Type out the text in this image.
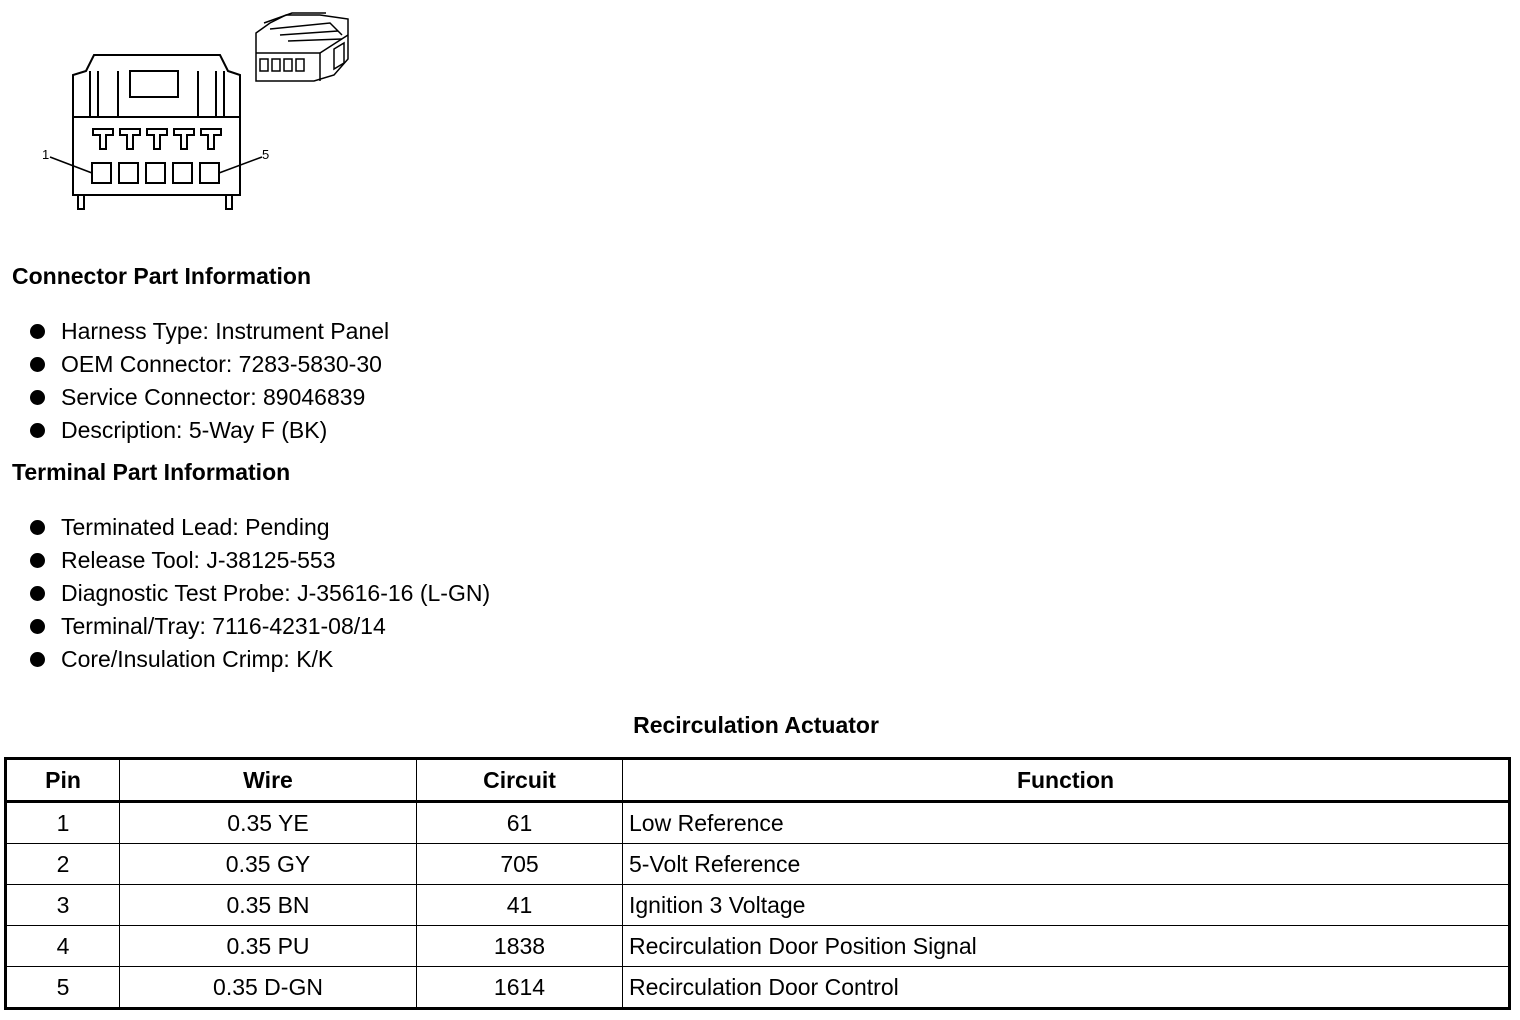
1	5
Connector Part Information
Harness Type: Instrument Panel
OEM Connector: 7283-5830-30
Service Connector: 89046839
Description: 5-Way F (BK)
Terminal Part Information
Terminated Lead: Pending
Release Tool: J-38125-553
Diagnostic Test Probe: J-35616-16 (L-GN)
Terminal/Tray: 7116-4231-08/14
Core/Insulation Crimp: K/K
Recirculation Actuator
Pin	Wire	Circuit	Function
1	0.35 YE	61	Low Reference
2	0.35 GY	705	5-Volt Reference
3	0.35 BN	41	Ignition 3 Voltage
4	0.35 PU	1838	Recirculation Door Position Signal
5	0.35 D-GN	1614	Recirculation Door Control
